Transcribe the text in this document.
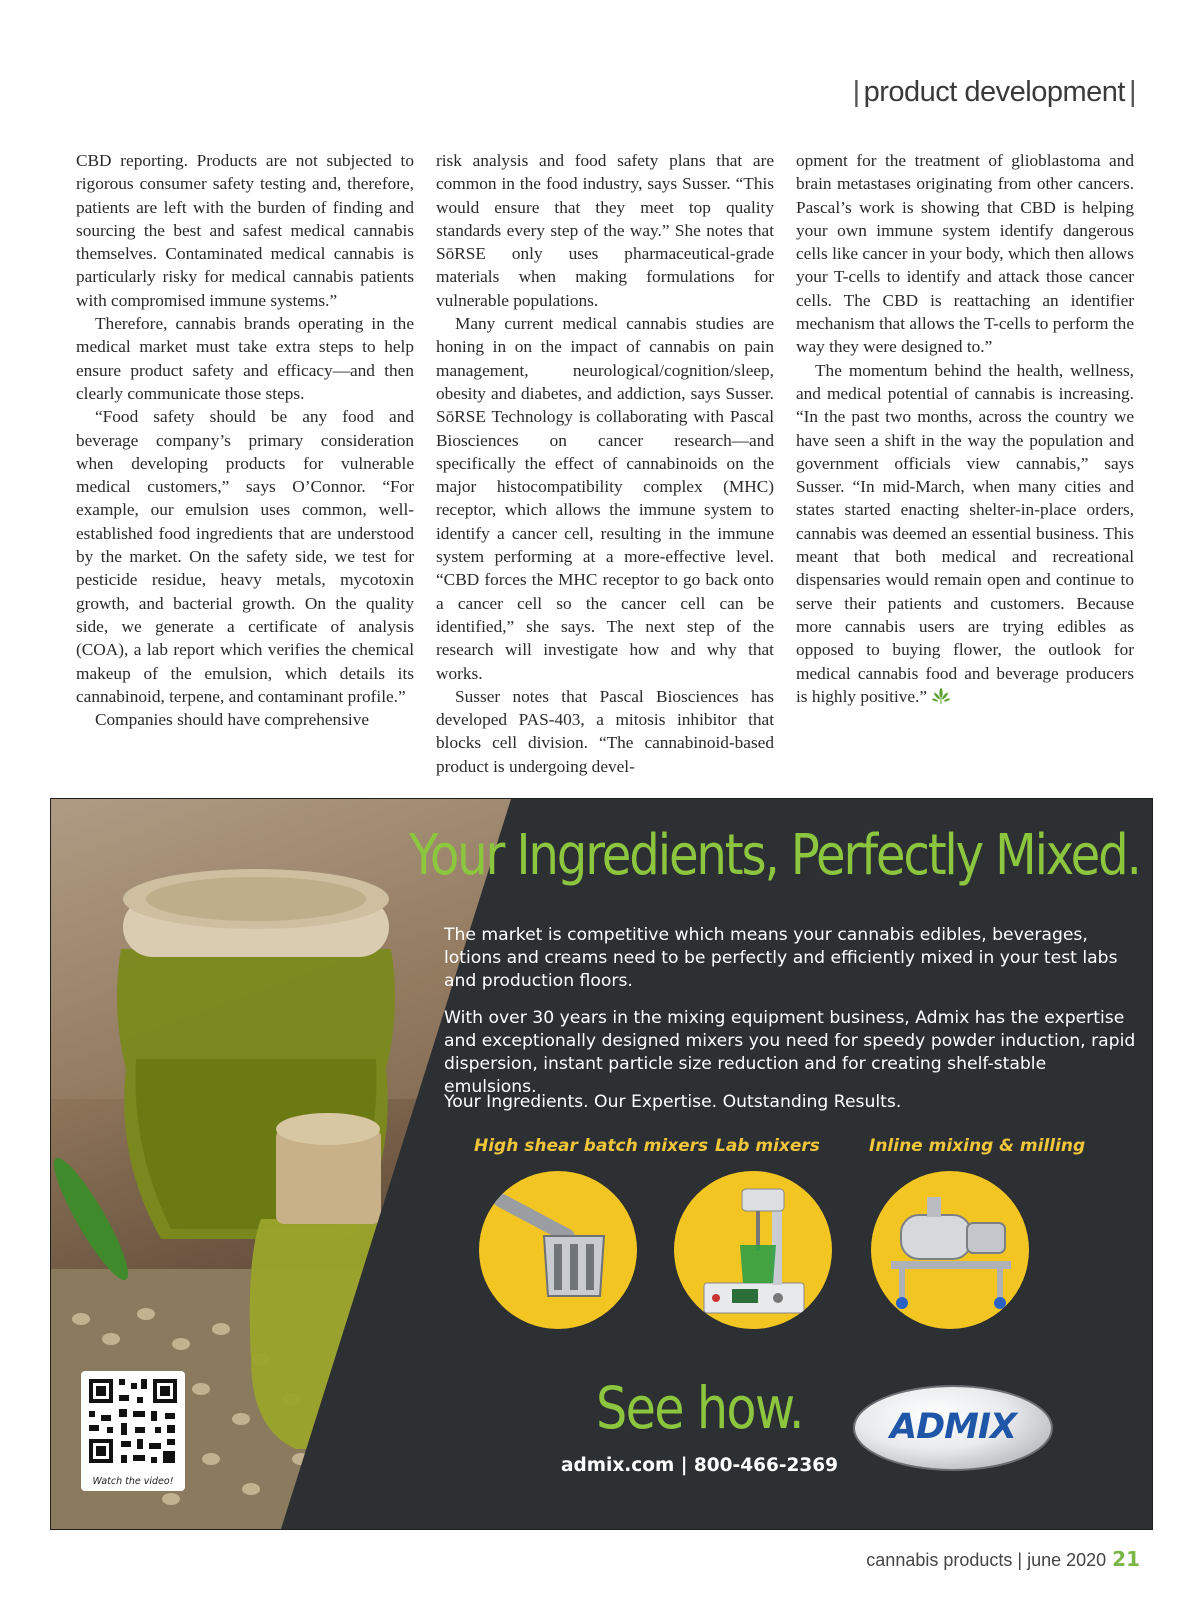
| product development |

CBD reporting. Products are not subjected to rigorous consumer safety testing and, therefore, patients are left with the burden of finding and sourcing the best and safest medical cannabis themselves. Contaminated medical cannabis is particularly risky for medical cannabis patients with compromised immune systems.”

Therefore, cannabis brands operating in the medical market must take extra steps to help ensure product safety and efficacy—and then clearly communicate those steps.

“Food safety should be any food and beverage company’s primary consideration when developing products for vulnerable medical customers,” says O’Connor. “For example, our emulsion uses common, well-established food ingredients that are understood by the market. On the safety side, we test for pesticide residue, heavy metals, mycotoxin growth, and bacterial growth. On the quality side, we generate a certificate of analysis (COA), a lab report which verifies the chemical makeup of the emulsion, which details its cannabinoid, terpene, and contaminant profile.”

Companies should have comprehensive

risk analysis and food safety plans that are common in the food industry, says Susser. “This would ensure that they meet top quality standards every step of the way.” She notes that SōRSE only uses pharmaceutical-grade materials when making formulations for vulnerable populations.

Many current medical cannabis studies are honing in on the impact of cannabis on pain management, neurological/cognition/sleep, obesity and diabetes, and addiction, says Susser. SōRSE Technology is collaborating with Pascal Biosciences on cancer research—and specifically the effect of cannabinoids on the major histocompatibility complex (MHC) receptor, which allows the immune system to identify a cancer cell, resulting in the immune system performing at a more-effective level. “CBD forces the MHC receptor to go back onto a cancer cell so the cancer cell can be identified,” she says. The next step of the research will investigate how and why that works.

Susser notes that Pascal Biosciences has developed PAS-403, a mitosis inhibitor that blocks cell division. “The cannabinoid-based product is undergoing devel-

opment for the treatment of glioblastoma and brain metastases originating from other cancers. Pascal’s work is showing that CBD is helping your own immune system identify dangerous cells like cancer in your body, which then allows your T-cells to identify and attack those cancer cells. The CBD is reattaching an identifier mechanism that allows the T-cells to perform the way they were designed to.”

The momentum behind the health, wellness, and medical potential of cannabis is increasing. “In the past two months, across the country we have seen a shift in the way the population and government officials view cannabis,” says Susser. “In mid-March, when many cities and states started enacting shelter-in-place orders, cannabis was deemed an essential business. This meant that both medical and recreational dispensaries would remain open and continue to serve their patients and customers. Because more cannabis users are trying edibles as opposed to buying flower, the outlook for medical cannabis food and beverage producers is highly positive.”

Your Ingredients, Perfectly Mixed.
The market is competitive which means your cannabis edibles, beverages, lotions and creams need to be perfectly and efficiently mixed in your test labs and production floors.
With over 30 years in the mixing equipment business, Admix has the expertise and exceptionally designed mixers you need for speedy powder induction, rapid dispersion, instant particle size reduction and for creating shelf-stable emulsions.
Your Ingredients. Our Expertise. Outstanding Results.
High shear batch mixers Lab mixers	Inline mixing & milling
See how.
admix.com | 800-466-2369
ADMIX
Watch the video!
cannabis products | june 2020 21
